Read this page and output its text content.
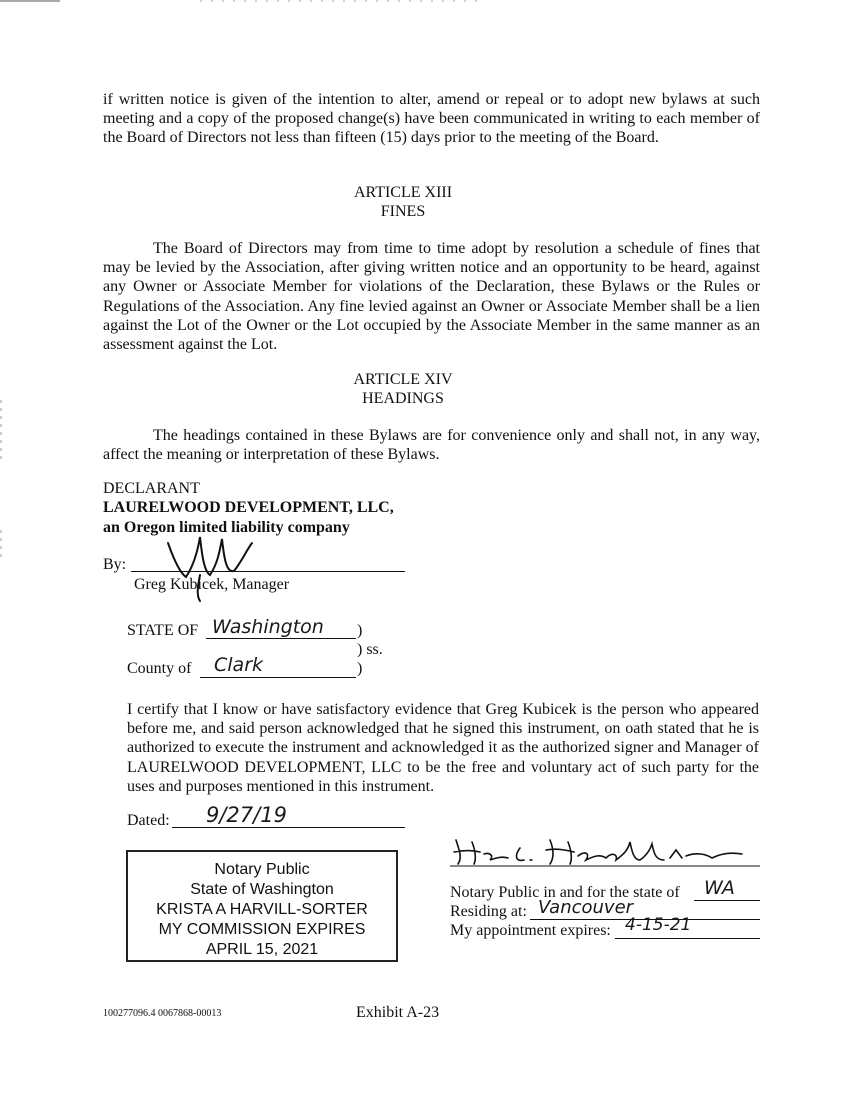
if written notice is given of the intention to alter, amend or repeal or to adopt new bylaws at such meeting and a copy of the proposed change(s) have been communicated in writing to each member of the Board of Directors not less than fifteen (15) days prior to the meeting of the Board.

ARTICLE XIII
FINES

The Board of Directors may from time to time adopt by resolution a schedule of fines that may be levied by the Association, after giving written notice and an opportunity to be heard, against any Owner or Associate Member for violations of the Declaration, these Bylaws or the Rules or Regulations of the Association. Any fine levied against an Owner or Associate Member shall be a lien against the Lot of the Owner or the Lot occupied by the Associate Member in the same manner as an assessment against the Lot.

ARTICLE XIV
HEADINGS

The headings contained in these Bylaws are for convenience only and shall not, in any way, affect the meaning or interpretation of these Bylaws.

DECLARANT
LAURELWOOD DEVELOPMENT, LLC,
an Oregon limited liability company
By:
Greg Kubicek, Manager
STATE OF Washington )
) ss.
County of Clark	)

I certify that I know or have satisfactory evidence that Greg Kubicek is the person who appeared before me, and said person acknowledged that he signed this instrument, on oath stated that he is authorized to execute the instrument and acknowledged it as the authorized signer and Manager of LAURELWOOD DEVELOPMENT, LLC to be the free and voluntary act of such party for the uses and purposes mentioned in this instrument.

Dated: 9/27/19
Notary Public
State of Washington
KRISTA A HARVILL-SORTER
MY COMMISSION EXPIRES
APRIL 15, 2021
Notary Public in and for the state of WA
Residing at: Vancouver
My appointment expires: 4-15-21
100277096.4 0067868-00013	Exhibit A-23
